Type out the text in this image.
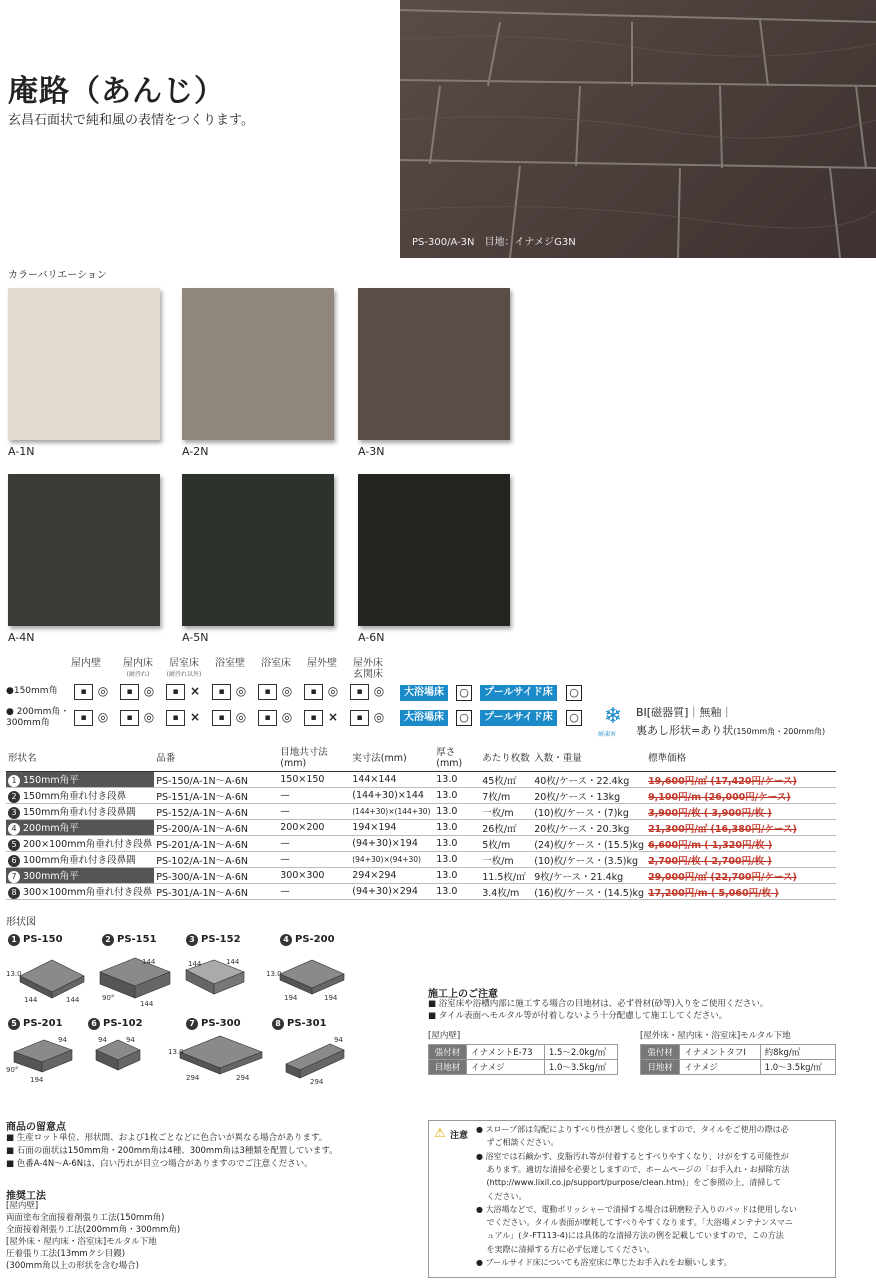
庵路（あんじ）
玄昌石面状で純和風の表情をつくります。
PS-300/A-3N　目地：イナメジG3N
カラーバリエーション
A-1N	A-2N	A-3N
A-4N	A-5N	A-6N
屋内壁	屋内床
(耐汚れ)
居室床
(耐汚れ以外)
浴室壁	浴室床	屋外壁	屋外床
玄関床
●150mm角	▪ ◎	▪ ◎	▪ ×	▪ ◎	▪ ◎	▪ ◎	▪ ◎
● 200mm角・
300mm角	▪ ◎	▪ ◎	▪ ×	▪ ◎	▪ ◎	▪ ×	▪ ◎
大浴場床	○	プールサイド床	○
大浴場床	○	プールサイド床	○ ❄
耐凍害
BⅠ[磁器質]｜無釉｜
裏あし形状=あり状(150mm角・200mm角)
形状名	品番	目地共寸法(mm)	実寸法(mm)	厚さ(mm)	あたり枚数	入数・重量	標準価格
1 150mm角平	PS-150/A-1N～A-6N	150×150	144×144	13.0	45枚/㎡	40枚/ケース・22.4kg	19,600円/㎡ (17,420円/ケース)
2 150mm角垂れ付き段鼻	PS-151/A-1N～A-6N	—	(144+30)×144	13.0	7枚/m	20枚/ケース・13kg	9,100円/m (26,000円/ケース)
3 150mm角垂れ付き段鼻隅	PS-152/A-1N～A-6N	—	(144+30)×(144+30)	13.0	一枚/m	(10)枚/ケース・(7)kg	3,900円/枚 ( 3,900円/枚 )
4 200mm角平	PS-200/A-1N～A-6N	200×200	194×194	13.0	26枚/㎡	20枚/ケース・20.3kg	21,300円/㎡ (16,380円/ケース)
5 200×100mm角垂れ付き段鼻	PS-201/A-1N～A-6N	—	(94+30)×194	13.0	5枚/m	(24)枚/ケース・(15.5)kg	6,600円/m ( 1,320円/枚 )
6 100mm角垂れ付き段鼻隅	PS-102/A-1N～A-6N	—	(94+30)×(94+30)	13.0	一枚/m	(10)枚/ケース・(3.5)kg	2,700円/枚 ( 2,700円/枚 )
7 300mm角平	PS-300/A-1N～A-6N	300×300	294×294	13.0	11.5枚/㎡	9枚/ケース・21.4kg	29,000円/㎡ (22,700円/ケース)
8 300×100mm角垂れ付き段鼻	PS-301/A-1N～A-6N	—	(94+30)×294	13.0	3.4枚/m	(16)枚/ケース・(14.5)kg	17,200円/m ( 5,060円/枚 )
形状図
1 PS-150	2 PS-151	3 PS-152	4 PS-200
13.0
144	144
144
90°
144
144	144
13.0
194	194
5 PS-201	6 PS-102	7 PS-300	8 PS-301
94
90°
194
94	94
13.0
294	294
94
294
施工上のご注意
■ 浴室床や浴槽内部に施工する場合の目地材は、必ず骨材(砂等)入りをご使用ください。
■ タイル表面へモルタル等が付着しないよう十分配慮して施工してください。
[屋内壁]
張付材	イナメントE-73	1.5～2.0kg/㎡
目地材	イナメジ	1.0～3.5kg/㎡
[屋外床・屋内床・浴室床]モルタル下地
張付材	イナメントタフⅠ	約8kg/㎡
目地材	イナメジ	1.0～3.5kg/㎡
商品の留意点
■ 生産ロット単位、形状間、および1枚ごとなどに色合いが異なる場合があります。
■ 石面の面状は150mm角・200mm角は4種、300mm角は3種類を配置しています。
■ 色番A-4N～A-6Nは、白い汚れが目立つ場合がありますのでご注意ください。
推奨工法
[屋内壁]
両面塗布全面接着剤張り工法(150mm角)
全面接着剤張り工法(200mm角・300mm角)
[屋外床・屋内床・浴室床]モルタル下地
圧着張り工法(13mmクシ目鏝)
(300mm角以上の形状を含む場合)
⚠ 注意
● スロープ部は勾配によりすべり性が著しく変化しますので、タイルをご使用の際は必
　 ずご相談ください。
● 浴室では石鹸かす、皮脂汚れ等が付着するとすべりやすくなり、けがをする可能性が
　 あります。適切な清掃を必要としますので、ホームページの「お手入れ・お掃除方法
　 (http://www.lixil.co.jp/support/purpose/clean.htm)」をご参照の上、清掃して
　 ください。
● 大浴場などで、電動ポリッシャーで清掃する場合は研磨粒子入りのパッドは使用しない
　 でください。タイル表面が摩耗してすべりやすくなります。「大浴場メンテナンスマニ
　 ュアル」(タ-FT113-4)には具体的な清掃方法の例を記載していますので、この方法
　 を実際に清掃する方に必ず伝達してください。
● プールサイド床についても浴室床に準じたお手入れをお願いします。
